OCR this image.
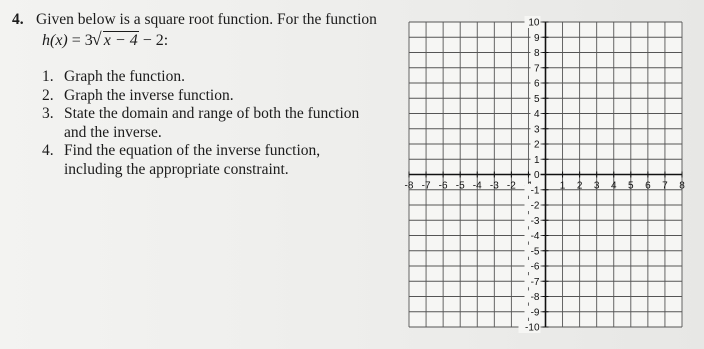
4. Given below is a square root function. For the function
h(x) = 3 √ x − 4 − 2:
1. Graph the function.
2. Graph the inverse function.
3. State the domain and range of both the function
and the inverse.
4. Find the equation of the inverse function,
including the appropriate constraint.
-8 -7 -6 -5 -4 -3 -2	1 2 3 4 5 6 7 8
10
9
8
7
6
5
4
3
2
1
0
-1
-2
-3
-4
-5
-6
-7
-8
-9
-10
